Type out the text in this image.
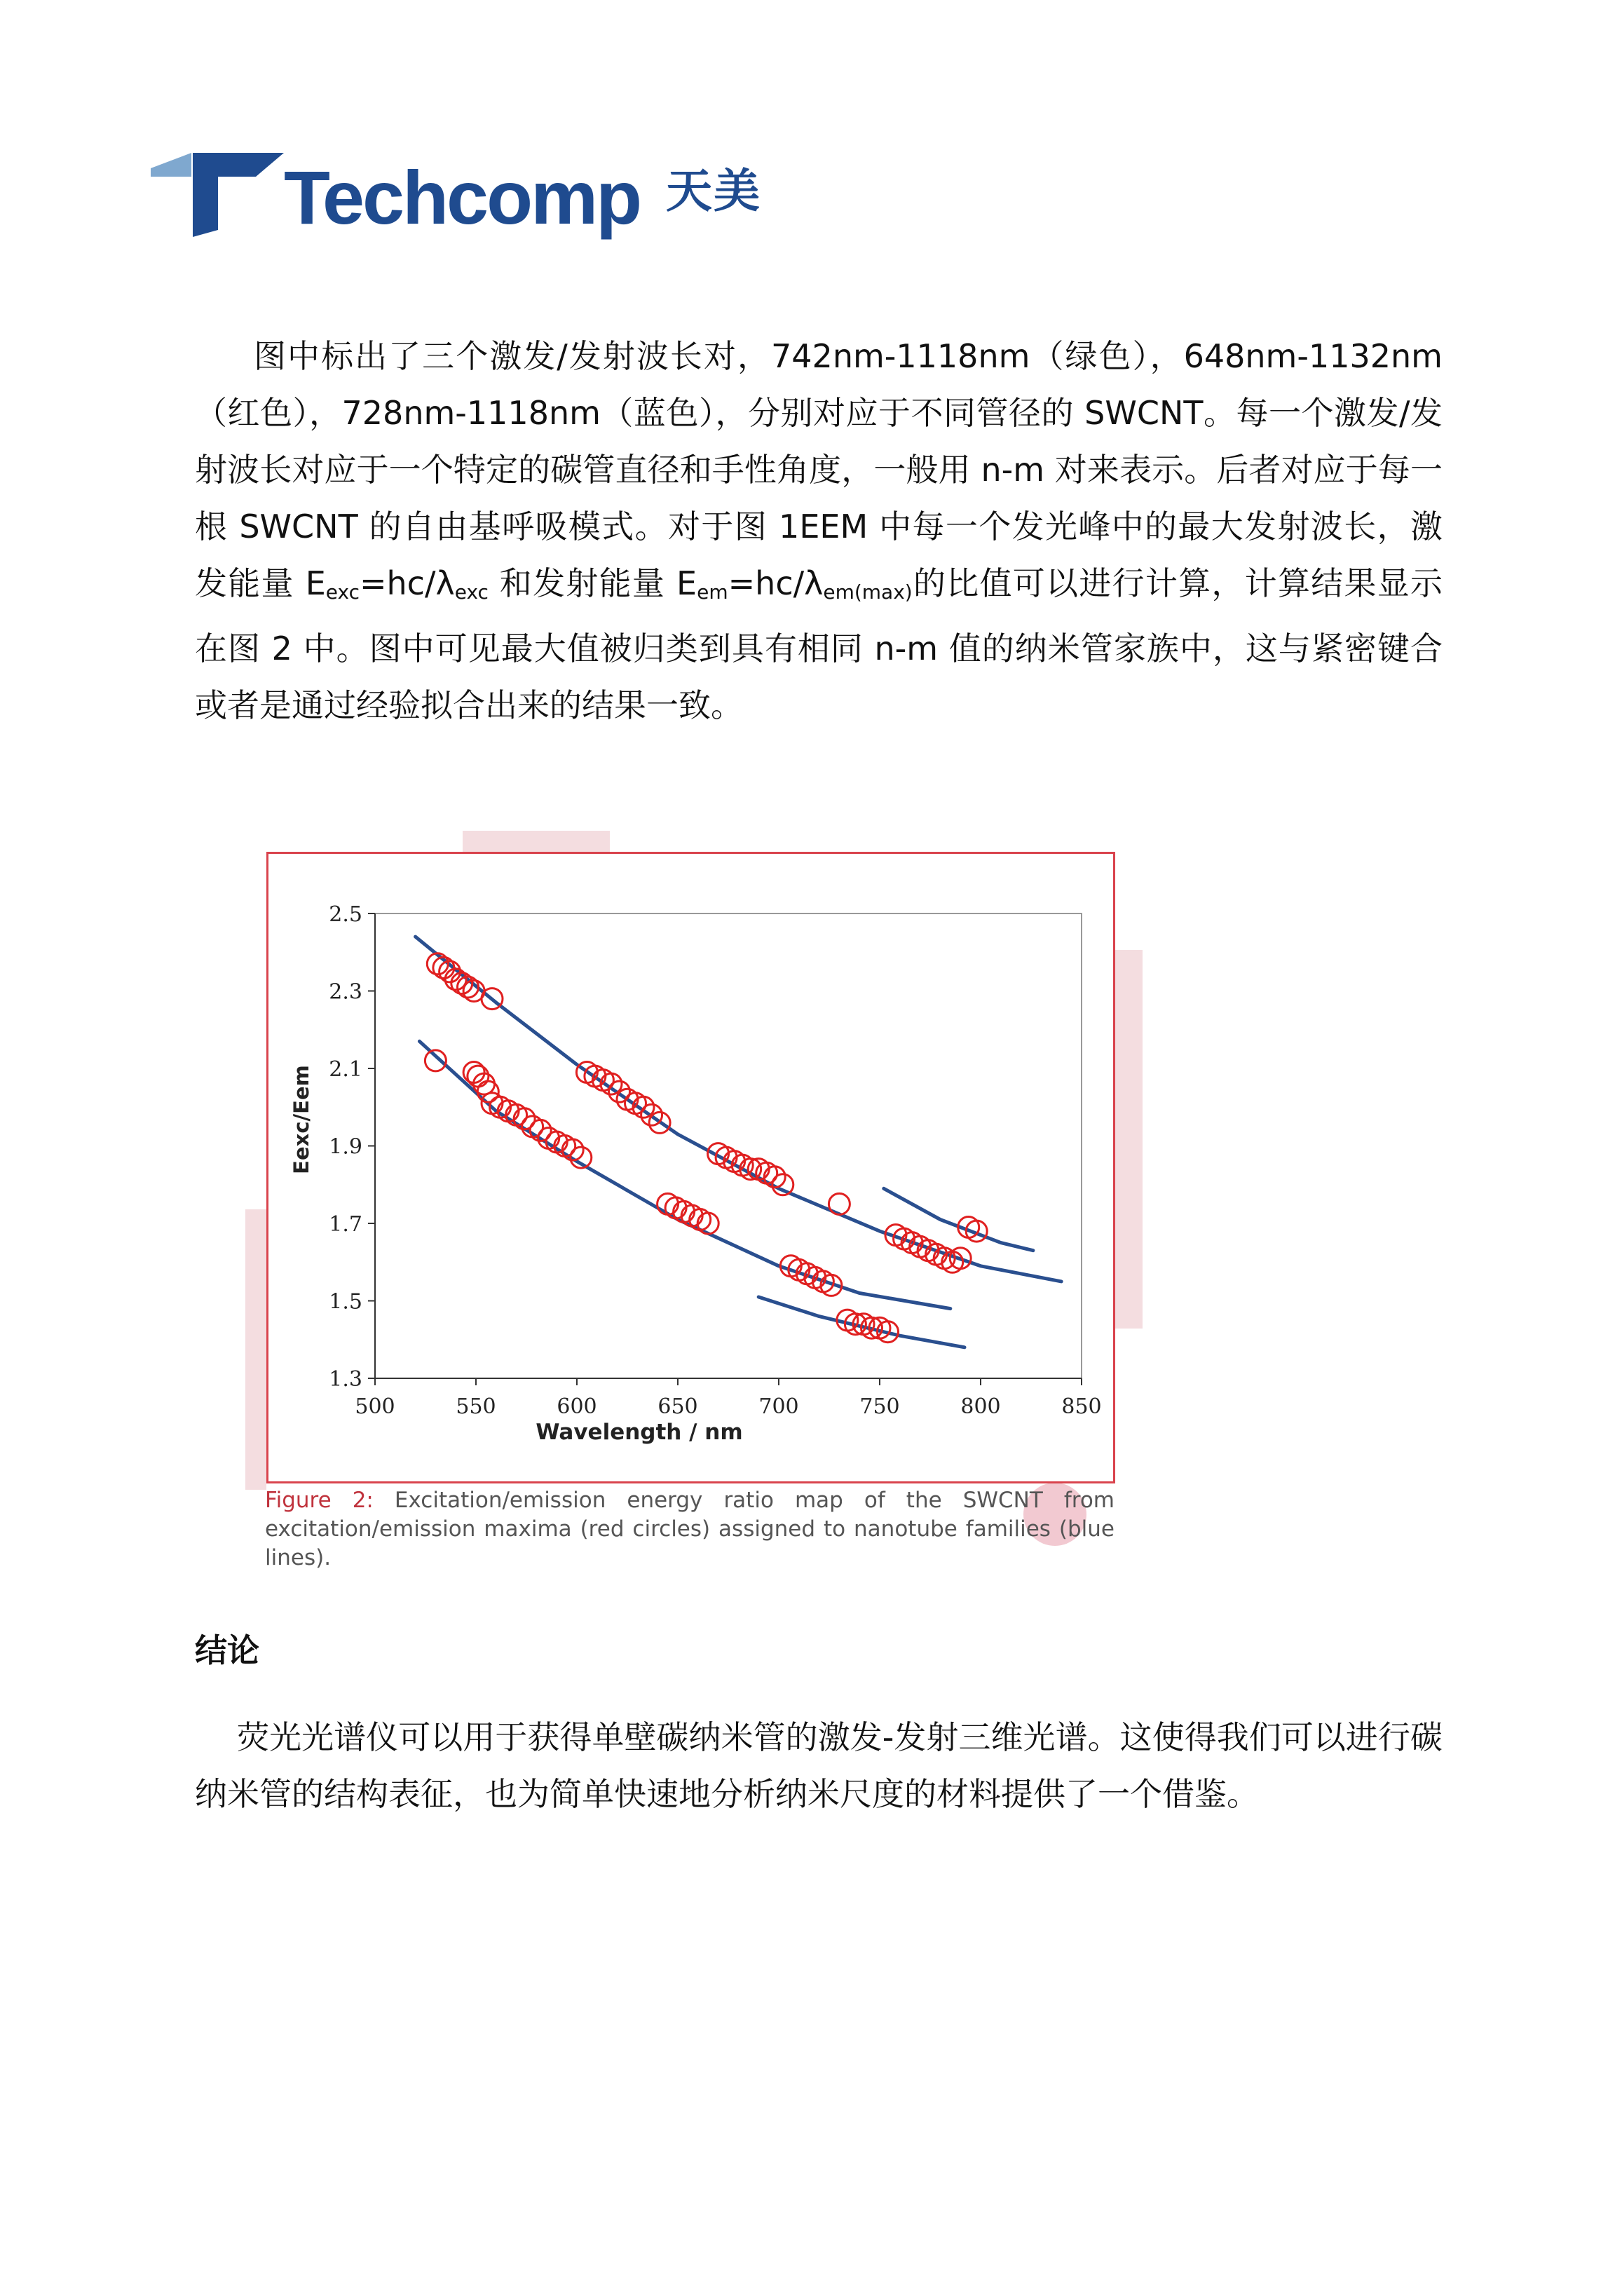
Techcomp 天美

图中标出了三个激发/发射波长对，742nm-1118nm（绿色），648nm-1132nm（红色），728nm-1118nm（蓝色），分别对应于不同管径的 SWCNT。每一个激发/发射波长对应于一个特定的碳管直径和手性角度，一般用 n-m 对来表示。后者对应于每一根 SWCNT 的自由基呼吸模式。对于图 1EEM 中每一个发光峰中的最大发射波长，激发能量 $E_{exc}=hc/\lambda_{exc}$ 和发射能量 $E_{em}=hc/\lambda_{em(max)}$的比值可以进行计算，计算结果显示在图 2 中。图中可见最大值被归类到具有相同 n-m 值的纳米管家族中，这与紧密键合或者是通过经验拟合出来的结果一致。

500	550	600	650	700	750	800	850
1.3
1.5
1.7
1.9
2.1
2.3
2.5
Eexc/Eem
Wavelength / nm

Figure 2: Excitation/emission energy ratio map of the SWCNT from excitation/emission maxima (red circles) assigned to nanotube families (blue lines).

结论

荧光光谱仪可以用于获得单壁碳纳米管的激发-发射三维光谱。这使得我们可以进行碳纳米管的结构表征，也为简单快速地分析纳米尺度的材料提供了一个借鉴。
